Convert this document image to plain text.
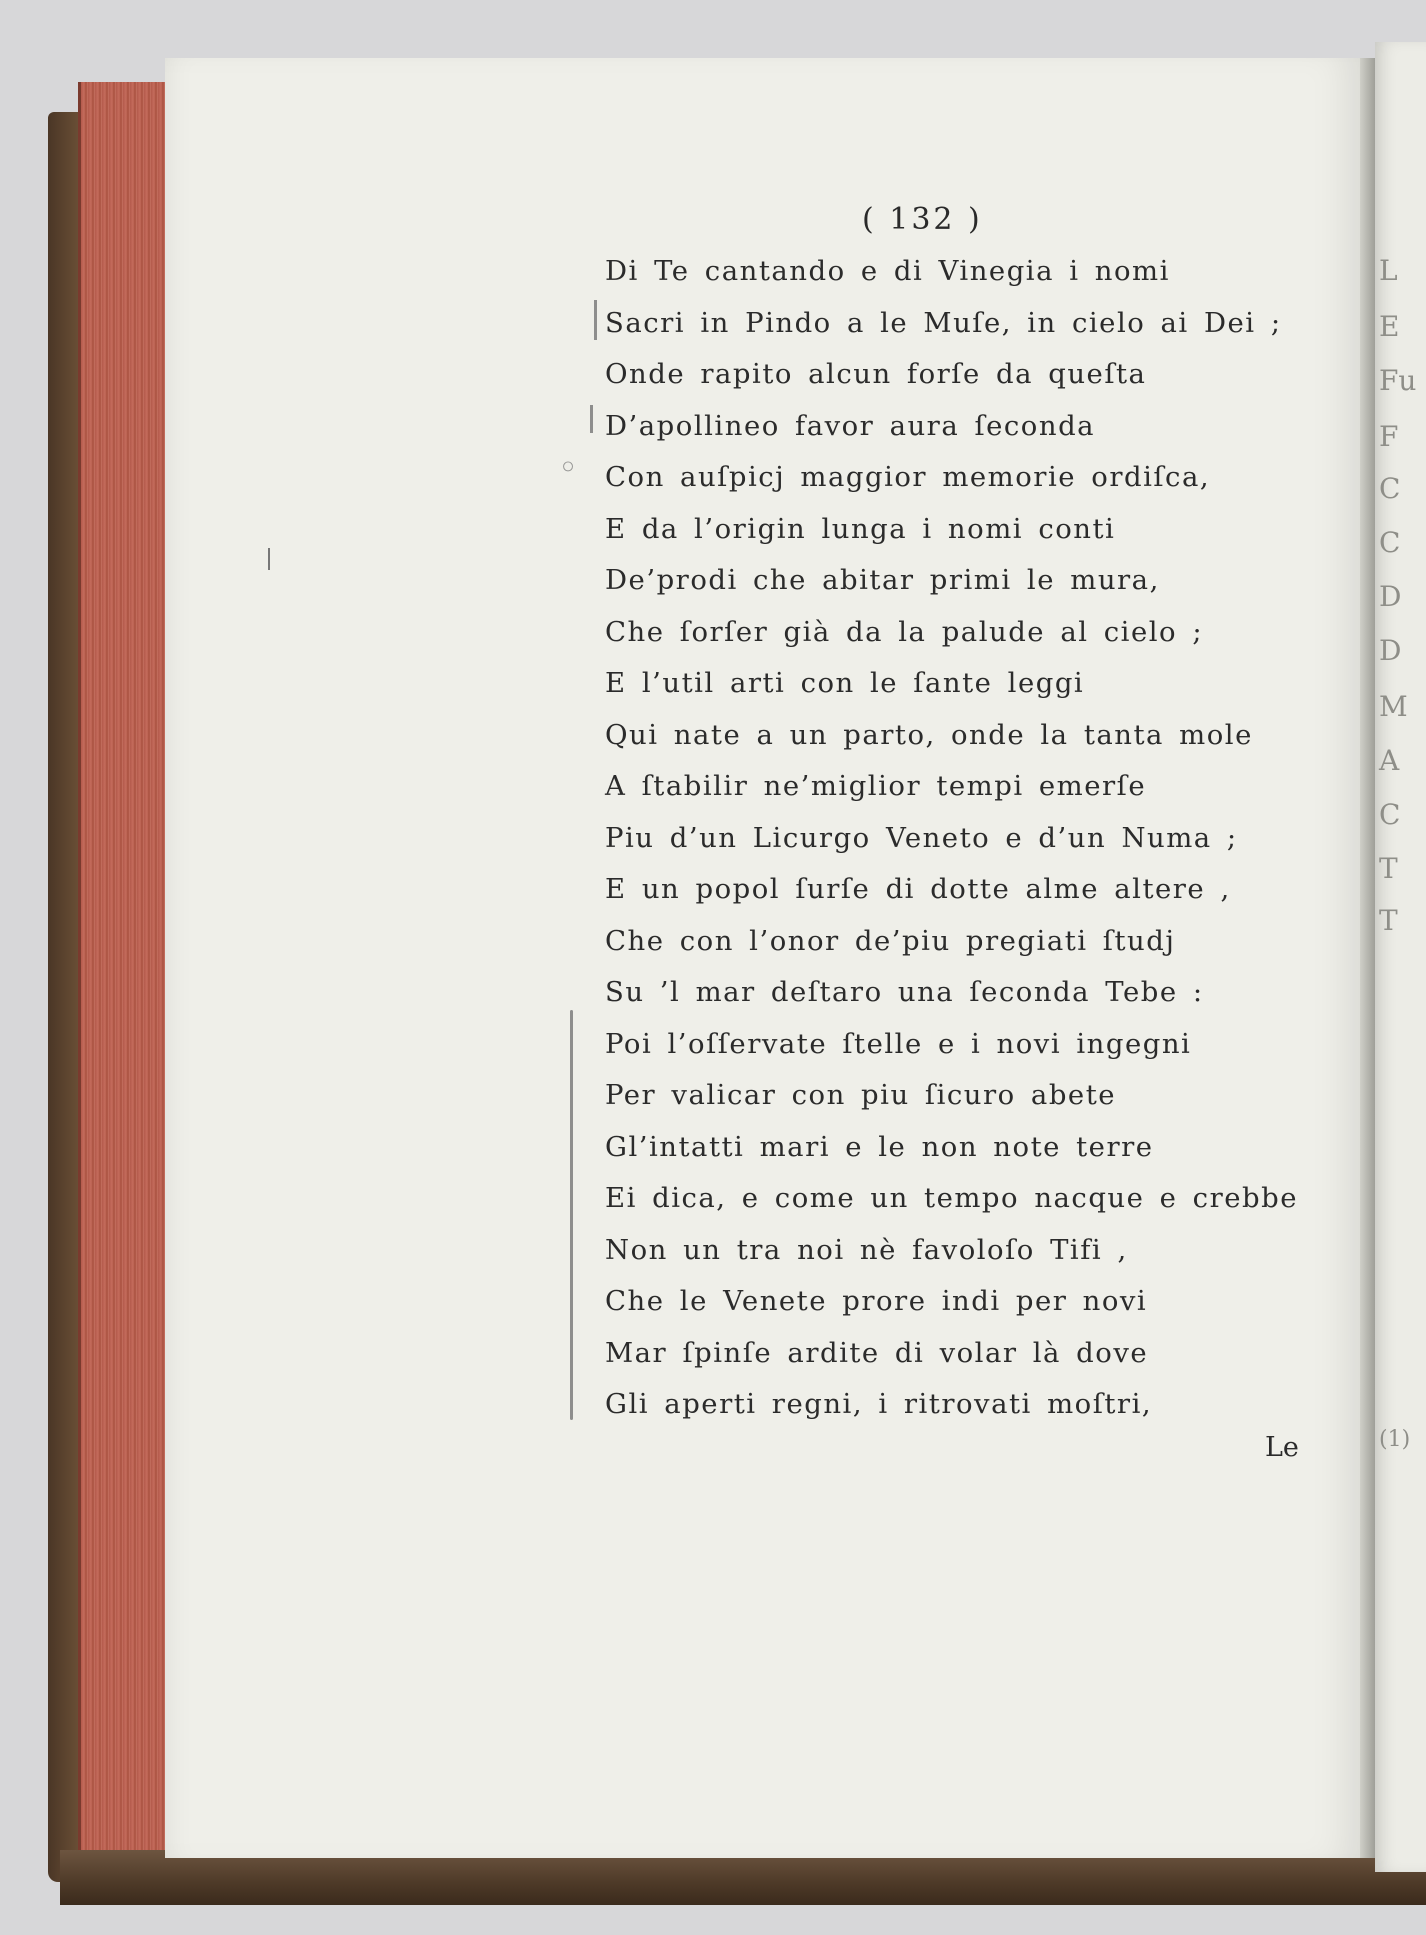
L
E
Fu
F
C
C
D
D
M
A
C
T
T
(1)
( 132 )
Di Te cantando e di Vinegia i nomi
Sacri in Pindo a le Muſe, in cielo ai Dei ;
Onde rapito alcun forſe da queſta
D’apollineo favor aura ſeconda
Con auſpicj maggior memorie ordiſca,
E da l’origin lunga i nomi conti
De’prodi che abitar primi le mura,
Che ſorſer già da la palude al cielo ;
E l’util arti con le ſante leggi
Qui nate a un parto, onde la tanta mole
A ſtabilir ne’miglior tempi emerſe
Piu d’un Licurgo Veneto e d’un Numa ;
E un popol ſurſe di dotte alme altere ,
Che con l’onor de’piu pregiati ſtudj
Su ’l mar deſtaro una ſeconda Tebe :
Poi l’oſſervate ſtelle e i novi ingegni
Per valicar con piu ſicuro abete
Gl’intatti mari e le non note terre
Ei dica, e come un tempo nacque e crebbe
Non un tra noi nè favoloſo Tifi ,
Che le Venete prore indi per novi
Mar ſpinſe ardite di volar là dove
Gli aperti regni, i ritrovati moſtri,
Le
◦
